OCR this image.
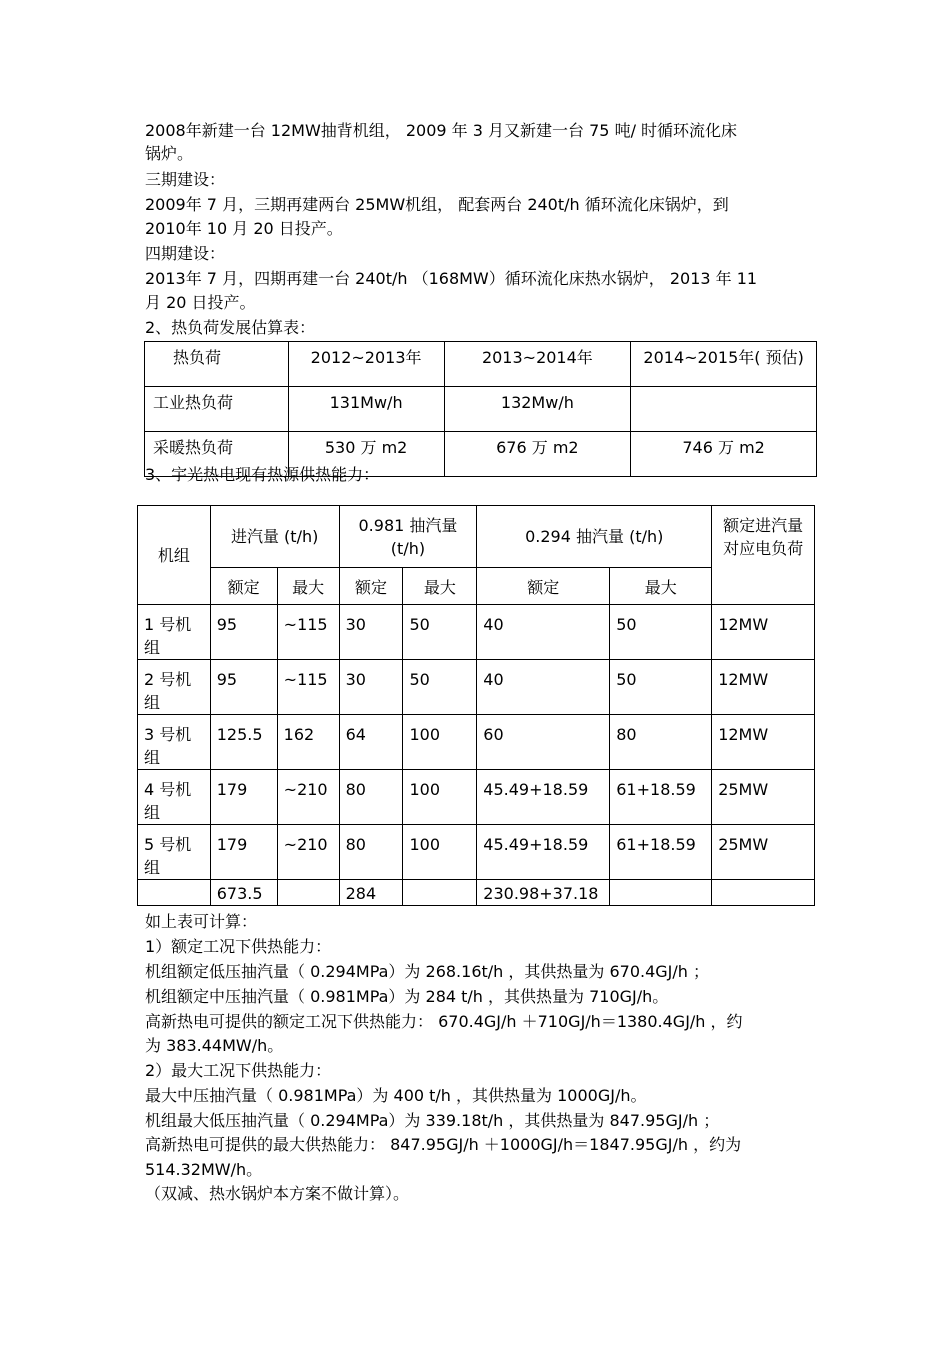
2008年新建一台 12MW抽背机组， 2009 年 3 月又新建一台 75 吨/ 时循环流化床
锅炉。
三期建设：
2009年 7 月，三期再建两台 25MW机组， 配套两台 240t/h 循环流化床锅炉，到
2010年 10 月 20 日投产。
四期建设：
2013年 7 月，四期再建一台 240t/h （168MW）循环流化床热水锅炉， 2013 年 11
月 20 日投产。
2、热负荷发展估算表：
热负荷	2012~2013年	2013~2014年	2014~2015年( 预估)
工业热负荷	131Mw/h	132Mw/h	
采暖热负荷	530 万 m2	676 万 m2	746 万 m2
3、宇光热电现有热源供热能力：
机组	进汽量 (t/h)		0.981 抽汽量 (t/h)		0.294 抽汽量 (t/h)		额定进汽量对应电负荷
	额定	最大	额定	最大	额定	最大	
1 号机组	95	~115	30	50	40	50	12MW
2 号机组	95	~115	30	50	40	50	12MW
3 号机组	125.5	162	64	100	60	80	12MW
4 号机组	179	~210	80	100	45.49+18.59	61+18.59	25MW
5 号机组	179	~210	80	100	45.49+18.59	61+18.59	25MW
	673.5		284		230.98+37.18		
如上表可计算：
1）额定工况下供热能力：
机组额定低压抽汽量（ 0.294MPa）为 268.16t/h ，其供热量为 670.4GJ/h ；
机组额定中压抽汽量（ 0.981MPa）为 284 t/h ，其供热量为 710GJ/h。
高新热电可提供的额定工况下供热能力： 670.4GJ/h ＋710GJ/h＝1380.4GJ/h ，约
为 383.44MW/h。
2）最大工况下供热能力：
最大中压抽汽量（ 0.981MPa）为 400 t/h ，其供热量为 1000GJ/h。
机组最大低压抽汽量（ 0.294MPa）为 339.18t/h ，其供热量为 847.95GJ/h ；
高新热电可提供的最大供热能力： 847.95GJ/h ＋1000GJ/h＝1847.95GJ/h ，约为
514.32MW/h。
（双减、热水锅炉本方案不做计算）。
